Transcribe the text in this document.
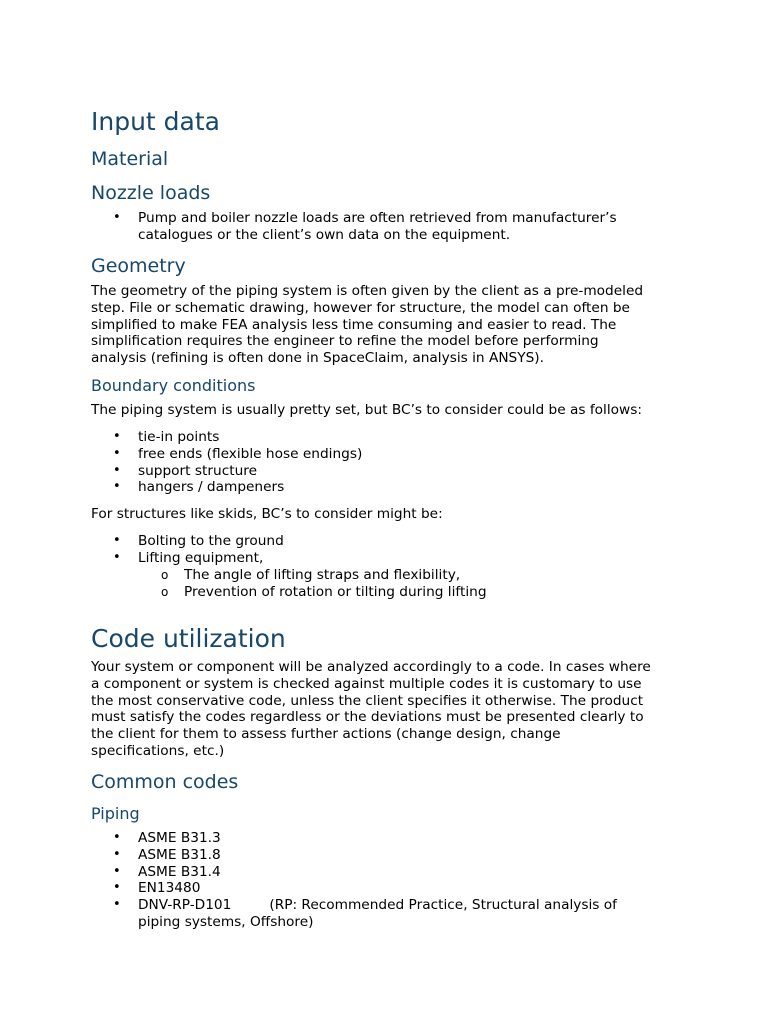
Input data
Material
Nozzle loads
• Pump and boiler nozzle loads are often retrieved from manufacturer’s
catalogues or the client’s own data on the equipment.
Geometry

The geometry of the piping system is often given by the client as a pre-modeled
step. File or schematic drawing, however for structure, the model can often be
simplified to make FEA analysis less time consuming and easier to read. The
simplification requires the engineer to refine the model before performing
analysis (refining is often done in SpaceClaim, analysis in ANSYS).

Boundary conditions

The piping system is usually pretty set, but BC’s to consider could be as follows:

• tie-in points
• free ends (flexible hose endings)
• support structure
• hangers / dampeners

For structures like skids, BC’s to consider might be:

• Bolting to the ground
• Lifting equipment,
o The angle of lifting straps and flexibility,
o Prevention of rotation or tilting during lifting
Code utilization

Your system or component will be analyzed accordingly to a code. In cases where
a component or system is checked against multiple codes it is customary to use
the most conservative code, unless the client specifies it otherwise. The product
must satisfy the codes regardless or the deviations must be presented clearly to
the client for them to assess further actions (change design, change
specifications, etc.)

Common codes
Piping
• ASME B31.3
• ASME B31.8
• ASME B31.4
• EN13480
• DNV-RP-D101	(RP: Recommended Practice, Structural analysis of
piping systems, Offshore)
